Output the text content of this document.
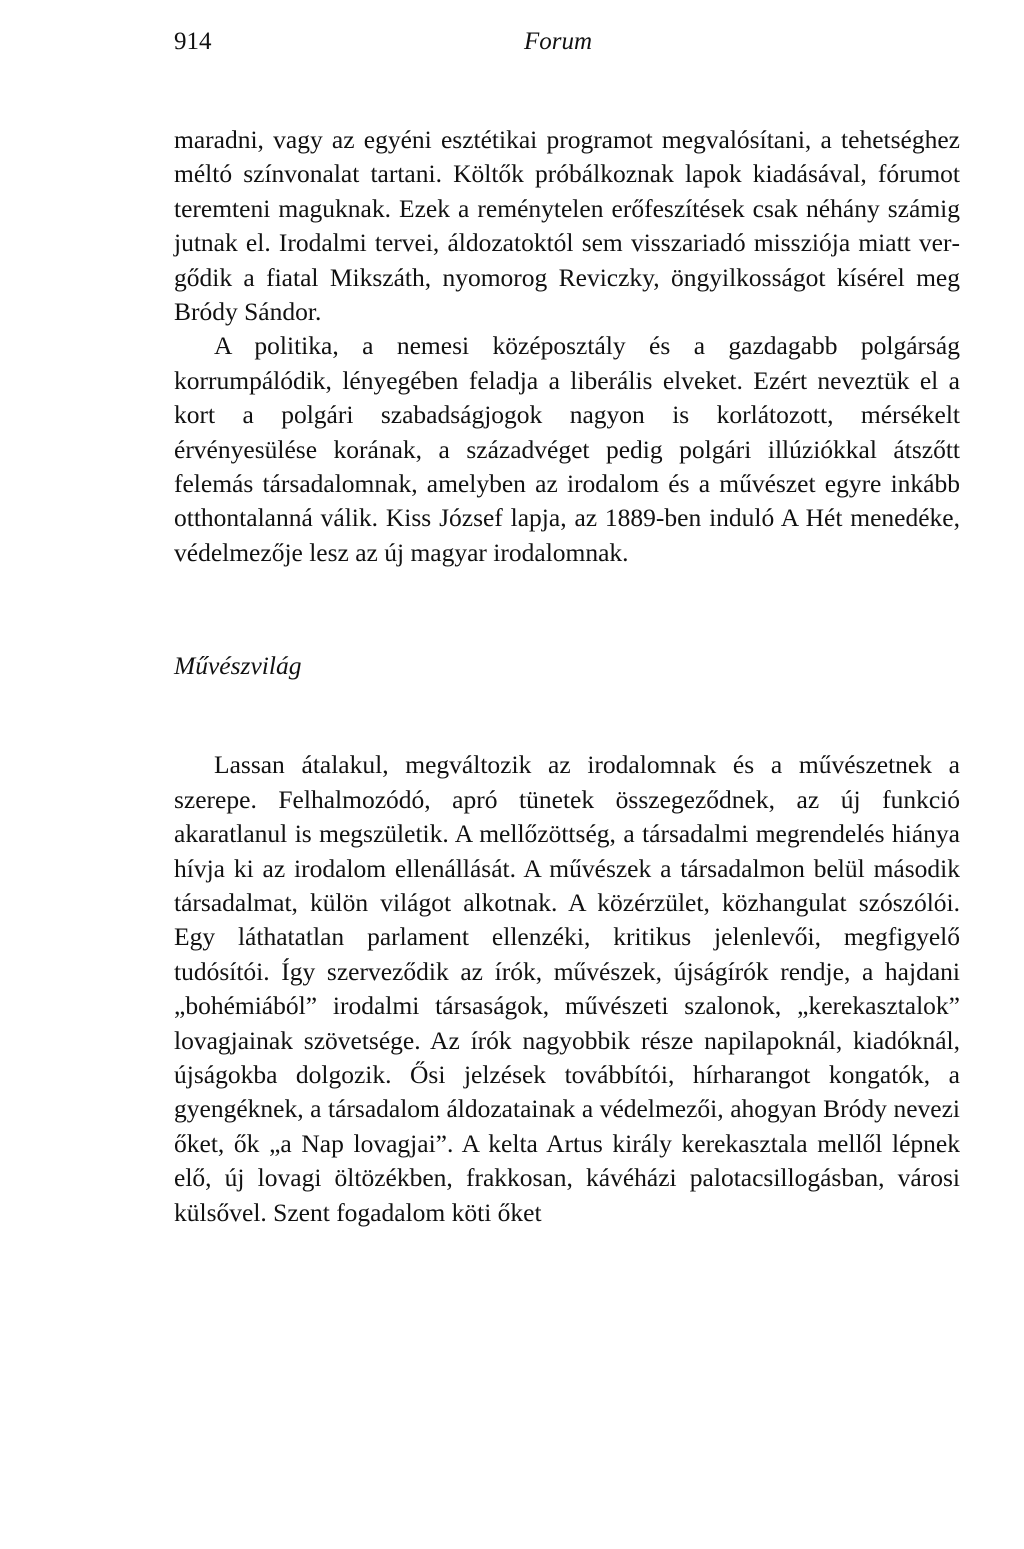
914	Forum

maradni, vagy az egyéni esztétikai programot megvalósítani, a tehetséghez méltó színvonalat tartani. Költők próbálkoznak lapok kiadásával, fórumot teremteni maguknak. Ezek a reménytelen erőfeszítések csak néhány számig jutnak el. Irodalmi tervei, áldozatoktól sem visszariadó missziója miatt vergődik a fiatal Mikszáth, nyomorog Reviczky, öngyilkosságot kísérel meg Bródy Sándor.

A politika, a nemesi középosztály és a gazdagabb polgárság korrumpálódik, lényegében feladja a liberális elveket. Ezért neveztük el a kort a polgári szabadságjogok nagyon is korlátozott, mérsékelt érvényesülése korának, a századvéget pedig polgári illúziókkal átszőtt felemás társadalomnak, amelyben az irodalom és a művészet egyre inkább otthontalanná válik. Kiss József lapja, az 1889-ben induló A Hét menedéke, védelmezője lesz az új magyar irodalomnak.

Művészvilág

Lassan átalakul, megváltozik az irodalomnak és a művészetnek a szerepe. Felhalmozódó, apró tünetek összegeződnek, az új funkció akaratlanul is megszületik. A mellőzöttség, a társadalmi megrendelés hiánya hívja ki az irodalom ellenállását. A művészek a társadalmon belül második társadalmat, külön világot alkotnak. A közérzület, közhangulat szószólói. Egy láthatatlan parlament ellenzéki, kritikus jelenlevői, megfigyelő tudósítói. Így szerveződik az írók, művészek, újságírók rendje, a hajdani „bohémiából” irodalmi társaságok, művészeti szalonok, „kerekasztalok” lovagjainak szövetsége. Az írók nagyobbik része napilapoknál, kiadóknál, újságokba dolgozik. Ősi jelzések továbbítói, hírharangot kongatók, a gyengéknek, a társadalom áldozatainak a védelmezői, ahogyan Bródy nevezi őket, ők „a Nap lovagjai”. A kelta Artus király kerekasztala mellől lépnek elő, új lovagi öltözékben, frakkosan, kávéházi palotacsillogásban, városi külsővel. Szent fogadalom köti őket
